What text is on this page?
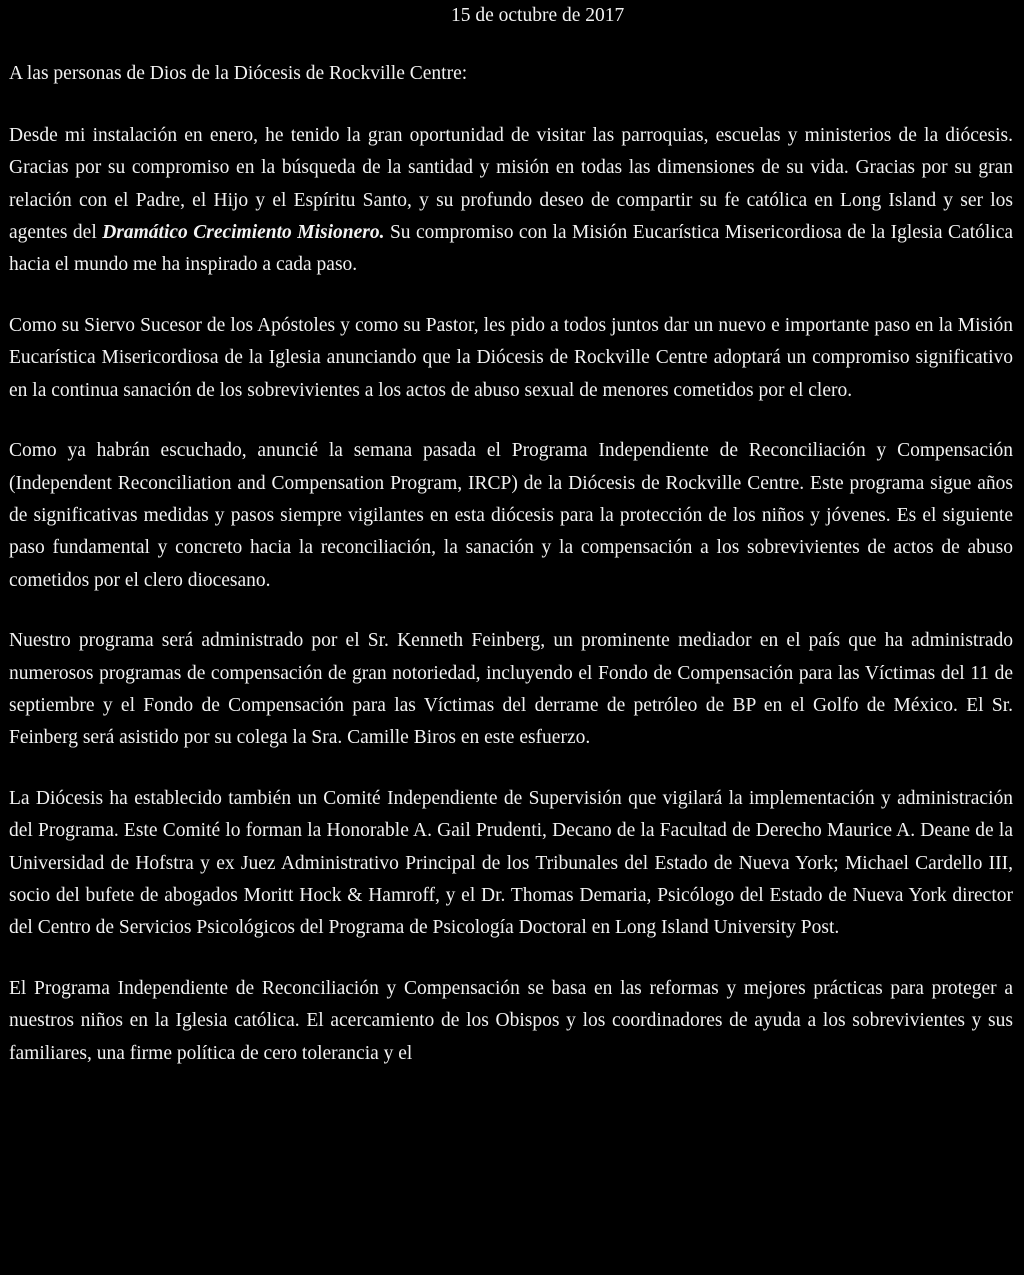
15 de octubre de 2017

A las personas de Dios de la Diócesis de Rockville Centre:

Desde mi instalación en enero, he tenido la gran oportunidad de visitar las parroquias, escuelas y ministerios de la diócesis. Gracias por su compromiso en la búsqueda de la santidad y misión en todas las dimensiones de su vida. Gracias por su gran relación con el Padre, el Hijo y el Espíritu Santo, y su profundo deseo de compartir su fe católica en Long Island y ser los agentes del Dramático Crecimiento Misionero. Su compromiso con la Misión Eucarística Misericordiosa de la Iglesia Católica hacia el mundo me ha inspirado a cada paso.

Como su Siervo Sucesor de los Apóstoles y como su Pastor, les pido a todos juntos dar un nuevo e importante paso en la Misión Eucarística Misericordiosa de la Iglesia anunciando que la Diócesis de Rockville Centre adoptará un compromiso significativo en la continua sanación de los sobrevivientes a los actos de abuso sexual de menores cometidos por el clero.

Como ya habrán escuchado, anuncié la semana pasada el Programa Independiente de Reconciliación y Compensación (Independent Reconciliation and Compensation Program, IRCP) de la Diócesis de Rockville Centre. Este programa sigue años de significativas medidas y pasos siempre vigilantes en esta diócesis para la protección de los niños y jóvenes. Es el siguiente paso fundamental y concreto hacia la reconciliación, la sanación y la compensación a los sobrevivientes de actos de abuso cometidos por el clero diocesano.

Nuestro programa será administrado por el Sr. Kenneth Feinberg, un prominente mediador en el país que ha administrado numerosos programas de compensación de gran notoriedad, incluyendo el Fondo de Compensación para las Víctimas del 11 de septiembre y el Fondo de Compensación para las Víctimas del derrame de petróleo de BP en el Golfo de México. El Sr. Feinberg será asistido por su colega la Sra. Camille Biros en este esfuerzo.

La Diócesis ha establecido también un Comité Independiente de Supervisión que vigilará la implementación y administración del Programa. Este Comité lo forman la Honorable A. Gail Prudenti, Decano de la Facultad de Derecho Maurice A. Deane de la Universidad de Hofstra y ex Juez Administrativo Principal de los Tribunales del Estado de Nueva York; Michael Cardello III, socio del bufete de abogados Moritt Hock & Hamroff, y el Dr. Thomas Demaria, Psicólogo del Estado de Nueva York director del Centro de Servicios Psicológicos del Programa de Psicología Doctoral en Long Island University Post.

El Programa Independiente de Reconciliación y Compensación se basa en las reformas y mejores prácticas para proteger a nuestros niños en la Iglesia católica. El acercamiento de los Obispos y los coordinadores de ayuda a los sobrevivientes y sus familiares, una firme política de cero tolerancia y el
